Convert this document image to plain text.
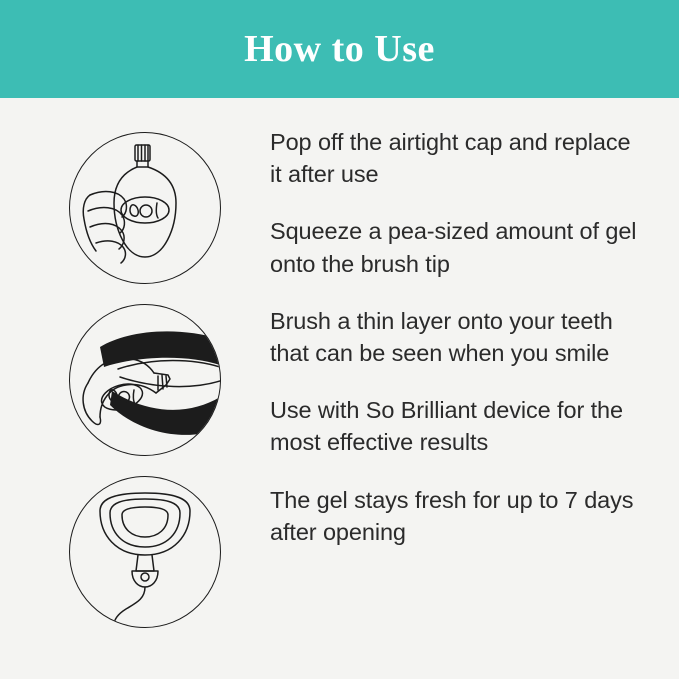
How to Use

Pop off the airtight cap and replace it after use

Squeeze a pea-sized amount of gel onto the brush tip

Brush a thin layer onto your teeth that can be seen when you smile

Use with So Brilliant device for the most effective results

The gel stays fresh for up to 7 days after opening
